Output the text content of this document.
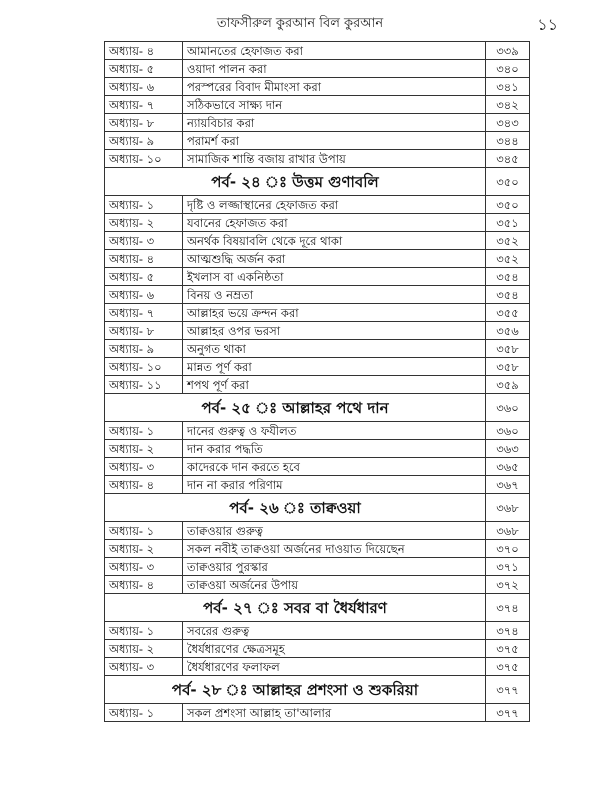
তাফসীরুল কুরআন বিল কুরআন	১১
অধ্যায়- ৪	আমানতের হেফাজত করা	৩৩৯
অধ্যায়- ৫	ওয়াদা পালন করা	৩৪০
অধ্যায়- ৬	পরস্পরের বিবাদ মীমাংসা করা	৩৪১
অধ্যায়- ৭	সঠিকভাবে সাক্ষ্য দান	৩৪২
অধ্যায়- ৮	ন্যায়বিচার করা	৩৪৩
অধ্যায়- ৯	পরামর্শ করা	৩৪৪
অধ্যায়- ১০	সামাজিক শান্তি বজায় রাখার উপায়	৩৪৫
পর্ব- ২৪ ঃ উত্তম গুণাবলি		৩৫০
অধ্যায়- ১	দৃষ্টি ও লজ্জাস্থানের হেফাজত করা	৩৫০
অধ্যায়- ২	যবানের হেফাজত করা	৩৫১
অধ্যায়- ৩	অনর্থক বিষয়াবলি থেকে দূরে থাকা	৩৫২
অধ্যায়- ৪	আত্মশুদ্ধি অর্জন করা	৩৫২
অধ্যায়- ৫	ইখলাস বা একনিষ্ঠতা	৩৫৪
অধ্যায়- ৬	বিনয় ও নম্রতা	৩৫৪
অধ্যায়- ৭	আল্লাহর ভয়ে ক্রন্দন করা	৩৫৫
অধ্যায়- ৮	আল্লাহর ওপর ভরসা	৩৫৬
অধ্যায়- ৯	অনুগত থাকা	৩৫৮
অধ্যায়- ১০	মান্নত পূর্ণ করা	৩৫৮
অধ্যায়- ১১	শপথ পূর্ণ করা	৩৫৯
পর্ব- ২৫ ঃ আল্লাহর পথে দান		৩৬০
অধ্যায়- ১	দানের গুরুত্ব ও ফযীলত	৩৬০
অধ্যায়- ২	দান করার পদ্ধতি	৩৬৩
অধ্যায়- ৩	কাদেরকে দান করতে হবে	৩৬৫
অধ্যায়- ৪	দান না করার পরিণাম	৩৬৭
পর্ব- ২৬ ঃ তাক্বওয়া		৩৬৮
অধ্যায়- ১	তাক্বওয়ার গুরুত্ব	৩৬৮
অধ্যায়- ২	সকল নবীই তাক্বওয়া অর্জনের দাওয়াত দিয়েছেন	৩৭০
অধ্যায়- ৩	তাক্বওয়ার পুরস্কার	৩৭১
অধ্যায়- ৪	তাক্বওয়া অর্জনের উপায়	৩৭২
পর্ব- ২৭ ঃ সবর বা ধৈর্যধারণ		৩৭৪
অধ্যায়- ১	সবরের গুরুত্ব	৩৭৪
অধ্যায়- ২	ধৈর্যধারণের ক্ষেত্রসমূহ	৩৭৫
অধ্যায়- ৩	ধৈর্যধারণের ফলাফল	৩৭৫
পর্ব- ২৮ ঃ আল্লাহর প্রশংসা ও শুকরিয়া		৩৭৭
অধ্যায়- ১	সকল প্রশংসা আল্লাহ তা'আলার	৩৭৭
